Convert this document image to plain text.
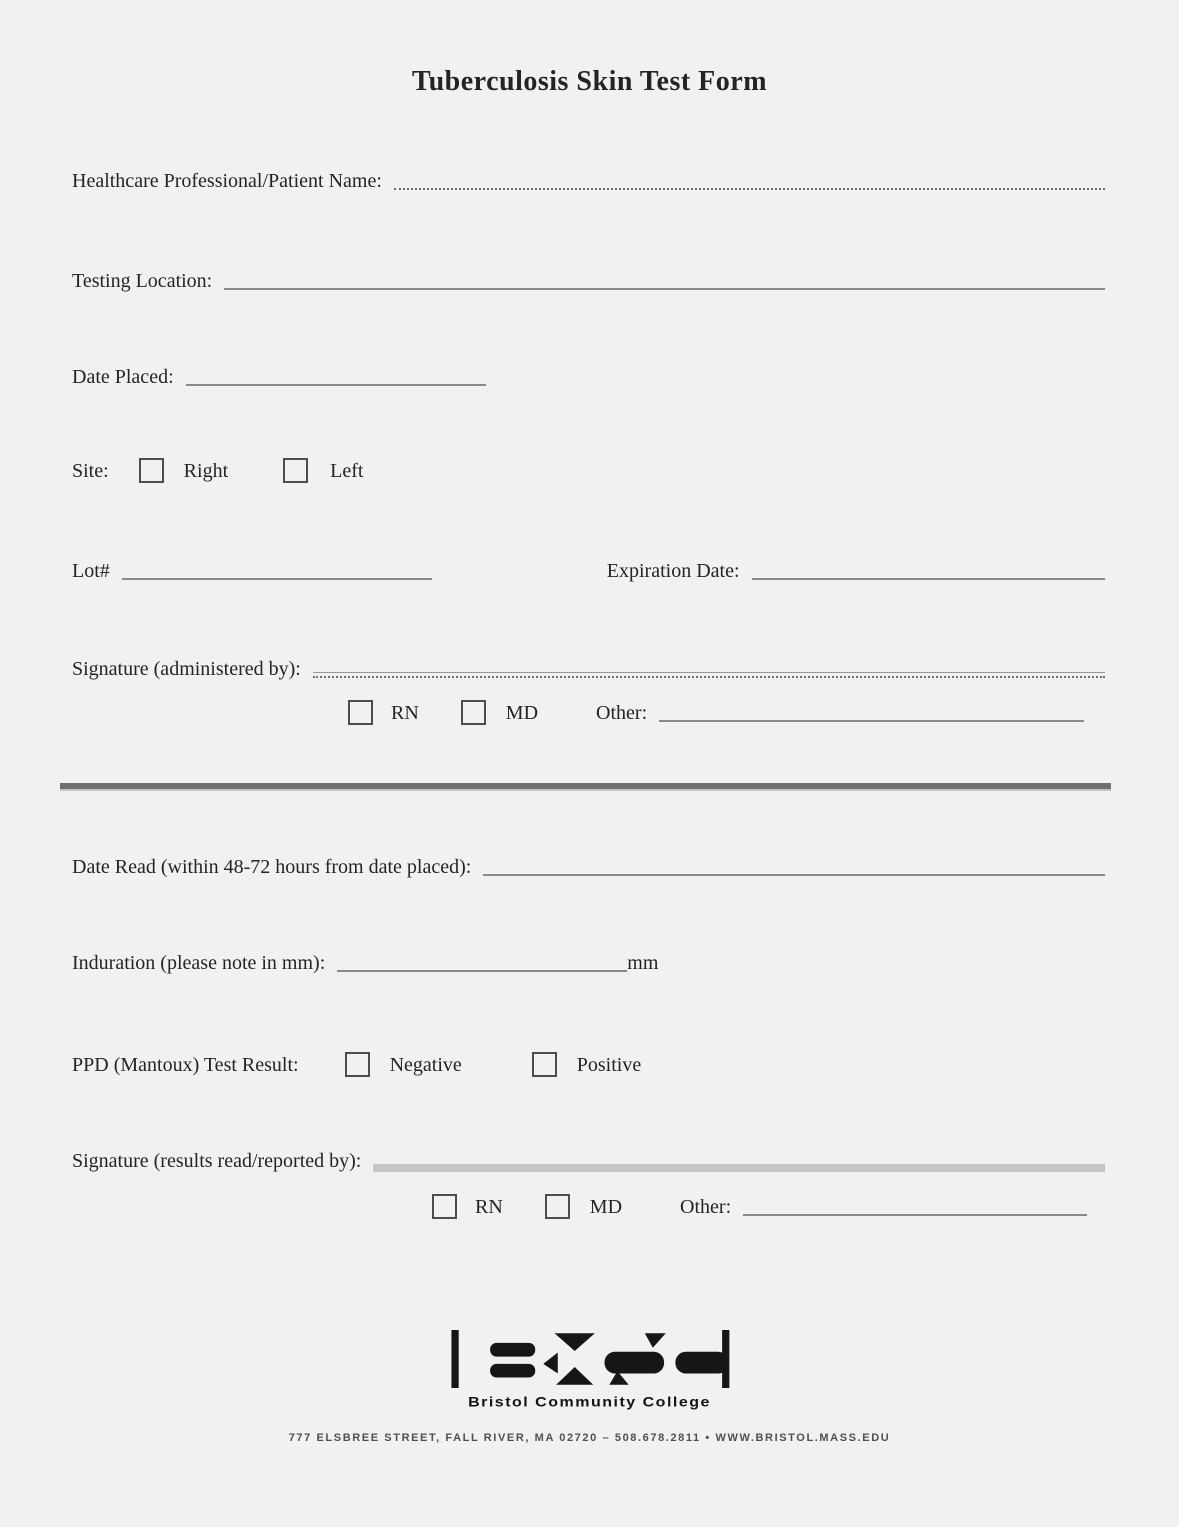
Tuberculosis Skin Test Form
Healthcare Professional/Patient Name:
Testing Location:
Date Placed:
Site:	Right	Left
Lot#	Expiration Date:
Signature (administered by):
RN	MD	Other:
Date Read (within 48-72 hours from date placed):
Induration (please note in mm):	mm
PPD (Mantoux) Test Result:	Negative	Positive
Signature (results read/reported by):
RN	MD	Other:
Bristol Community College
777 ELSBREE STREET, FALL RIVER, MA 02720 – 508.678.2811 • WWW.BRISTOL.MASS.EDU
